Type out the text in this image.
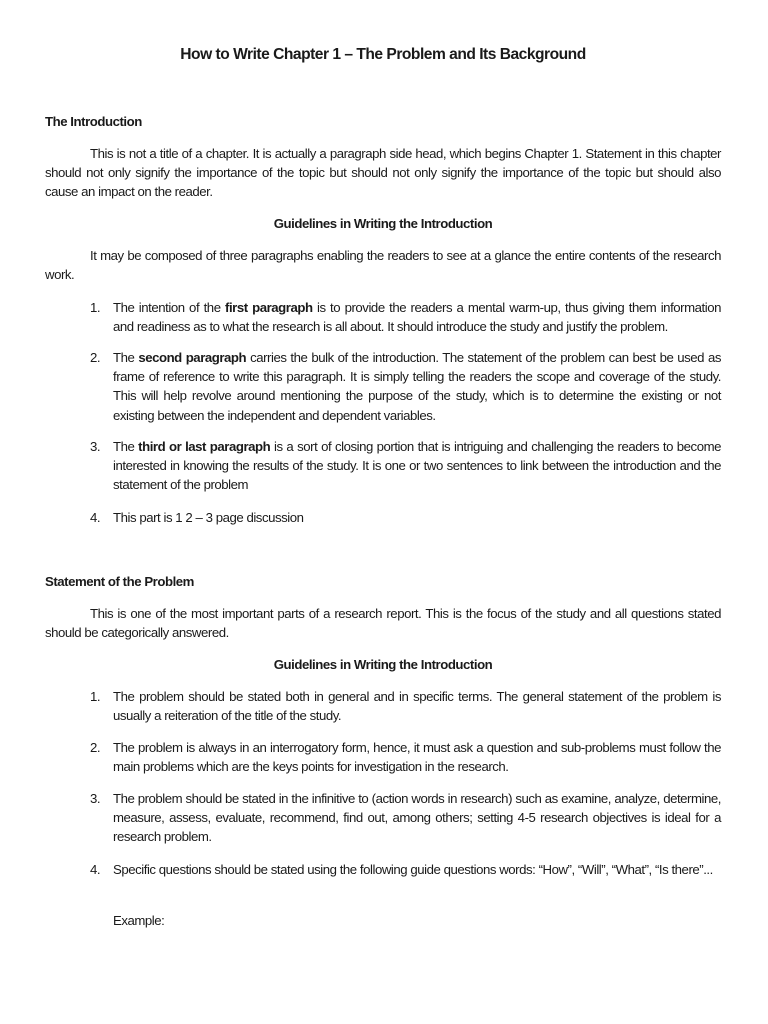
How to Write Chapter 1 – The Problem and Its Background

The Introduction

This is not a title of a chapter. It is actually a paragraph side head, which begins Chapter 1. Statement in this chapter should not only signify the importance of the topic but should not only signify the importance of the topic but should also cause an impact on the reader.

Guidelines in Writing the Introduction

It may be composed of three paragraphs enabling the readers to see at a glance the entire contents of the research work.

1. The intention of the first paragraph is to provide the readers a mental warm-up, thus giving them information and readiness as to what the research is all about. It should introduce the study and justify the problem.
2. The second paragraph carries the bulk of the introduction. The statement of the problem can best be used as frame of reference to write this paragraph. It is simply telling the readers the scope and coverage of the study. This will help revolve around mentioning the purpose of the study, which is to determine the existing or not existing between the independent and dependent variables.
3. The third or last paragraph is a sort of closing portion that is intriguing and challenging the readers to become interested in knowing the results of the study. It is one or two sentences to link between the introduction and the statement of the problem
4. This part is 1 2 – 3 page discussion

Statement of the Problem

This is one of the most important parts of a research report. This is the focus of the study and all questions stated should be categorically answered.

Guidelines in Writing the Introduction

1. The problem should be stated both in general and in specific terms. The general statement of the problem is usually a reiteration of the title of the study.
2. The problem is always in an interrogatory form, hence, it must ask a question and sub-problems must follow the main problems which are the keys points for investigation in the research.
3. The problem should be stated in the infinitive to (action words in research) such as examine, analyze, determine, measure, assess, evaluate, recommend, find out, among others; setting 4-5 research objectives is ideal for a research problem.
4. Specific questions should be stated using the following guide questions words: “How”, “Will”, “What”, “Is there”...

Example:
